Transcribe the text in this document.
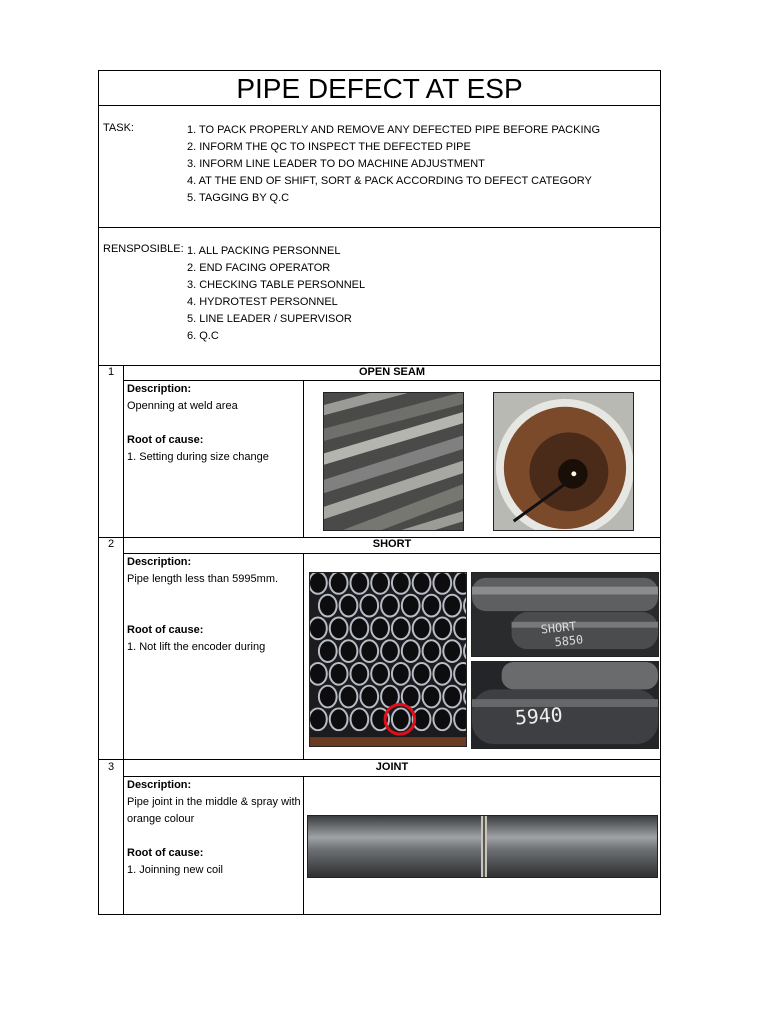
PIPE DEFECT AT ESP
TASK:	1. TO PACK PROPERLY AND REMOVE ANY DEFECTED PIPE BEFORE PACKING
2. INFORM THE QC TO INSPECT THE DEFECTED PIPE
3. INFORM LINE LEADER TO DO MACHINE ADJUSTMENT
4. AT THE END OF SHIFT, SORT & PACK ACCORDING TO DEFECT CATEGORY
5. TAGGING BY Q.C
RENSPOSIBLE: 1. ALL PACKING PERSONNEL
2. END FACING OPERATOR
3. CHECKING TABLE PERSONNEL
4. HYDROTEST PERSONNEL
5. LINE LEADER / SUPERVISOR
6. Q.C
1	OPEN SEAM
Description:
Openning at weld area
Root of cause:
1. Setting during size change
2	SHORT
Description:
Pipe length less than 5995mm.
Root of cause:
1. Not lift the encoder during
SHORT
5850
5940
3	JOINT
Description:
Pipe joint in the middle & spray with orange colour
Root of cause:
1. Joinning new coil
